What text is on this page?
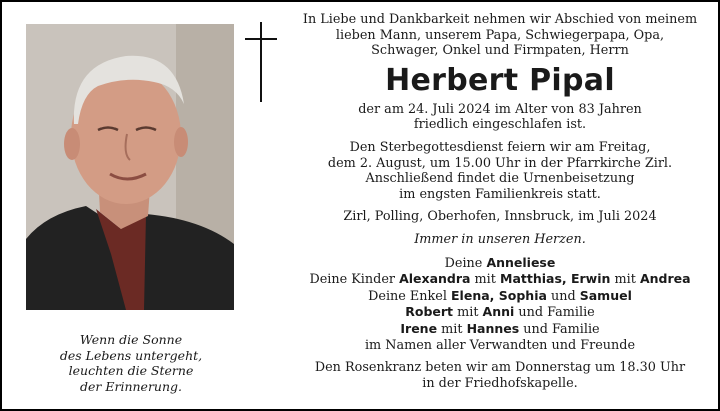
Wenn die Sonne
des Lebens untergeht,
leuchten die Sterne
der Erinnerung.

In Liebe und Dankbarkeit nehmen wir Abschied von meinem

lieben Mann, unserem Papa, Schwiegerpapa, Opa,

Schwager, Onkel und Firmpaten, Herrn

Herbert Pipal

der am 24. Juli 2024 im Alter von 83 Jahren

friedlich eingeschlafen ist.

Den Sterbegottesdienst feiern wir am Freitag,

dem 2. August, um 15.00 Uhr in der Pfarrkirche Zirl.

Anschließend findet die Urnenbeisetzung

im engsten Familienkreis statt.

Zirl, Polling, Oberhofen, Innsbruck, im Juli 2024

Immer in unseren Herzen.

Deine Anneliese

Deine Kinder Alexandra mit Matthias, Erwin mit Andrea

Deine Enkel Elena, Sophia und Samuel

Robert mit Anni und Familie

Irene mit Hannes und Familie

im Namen aller Verwandten und Freunde

Den Rosenkranz beten wir am Donnerstag um 18.30 Uhr

in der Friedhofskapelle.
